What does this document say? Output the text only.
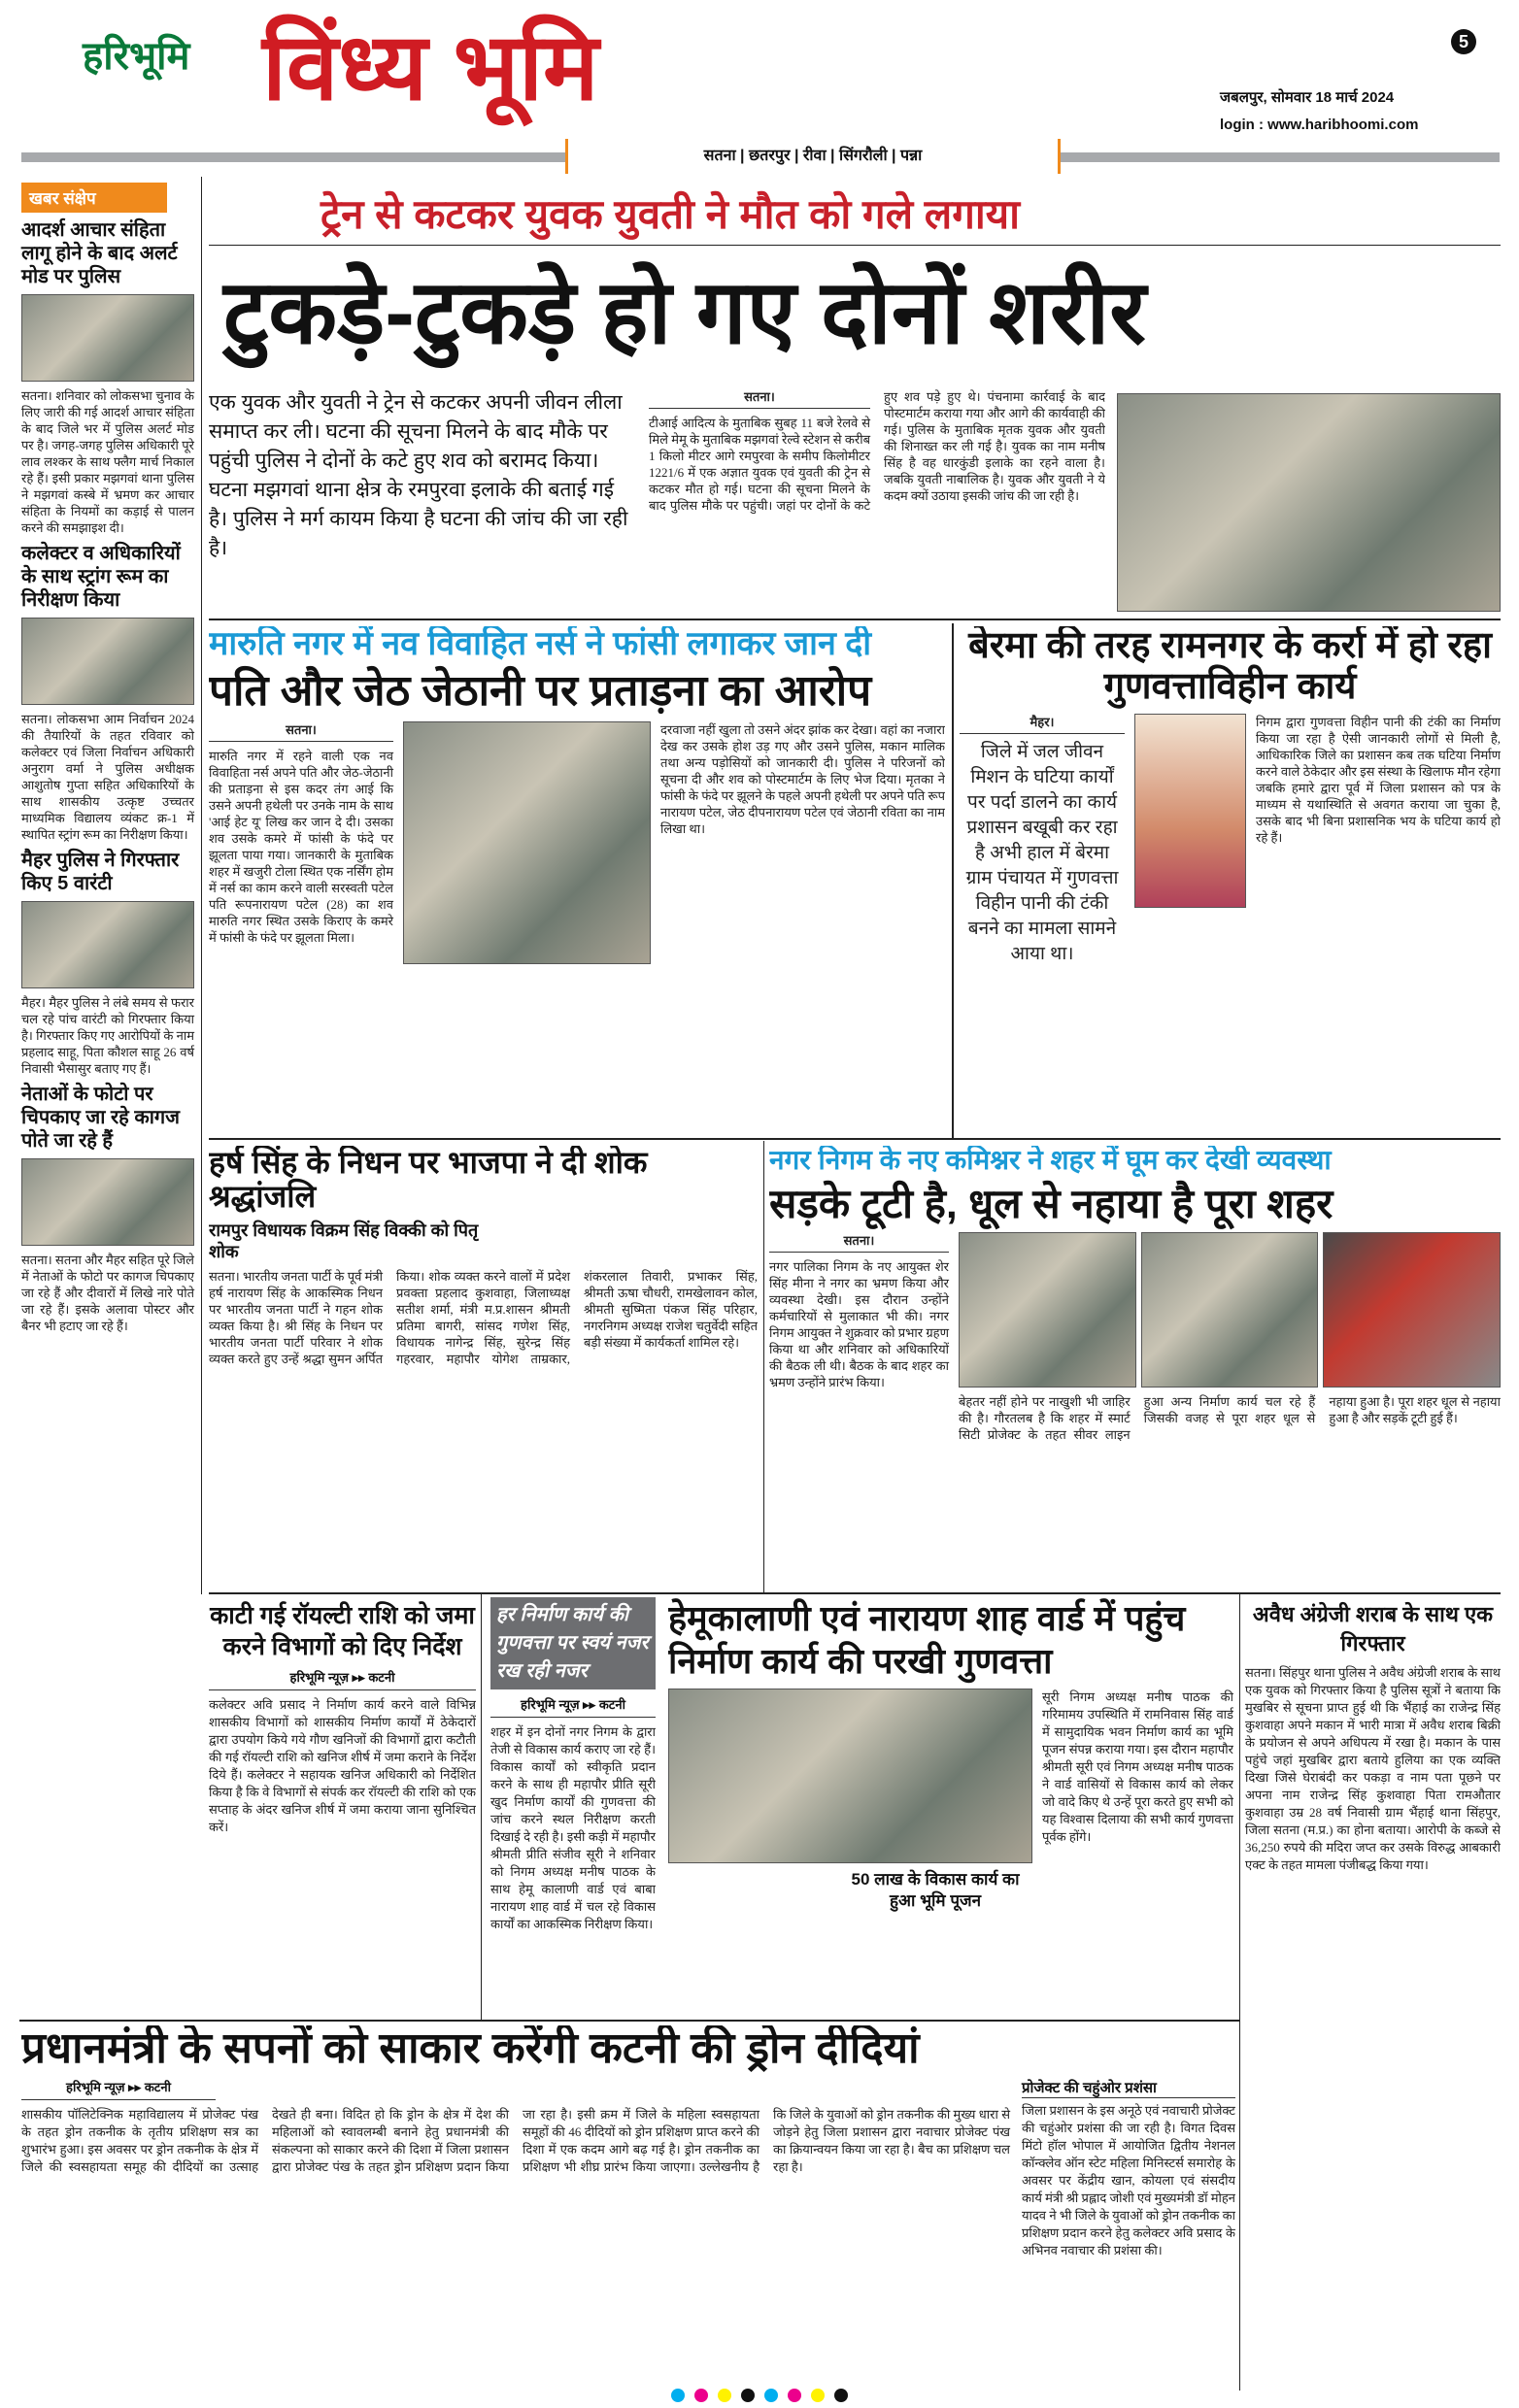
हरिभूमि विंध्य भूमि	5
जबलपुर, सोमवार 18 मार्च 2024
login : www.haribhoomi.com
सतना | छतरपुर | रीवा | सिंगरौली | पन्ना
खबर संक्षेप
आदर्श आचार संहिता लागू होने के बाद अलर्ट मोड पर पुलिस

सतना। शनिवार को लोकसभा चुनाव के लिए जारी की गई आदर्श आचार संहिता के बाद जिले भर में पुलिस अलर्ट मोड पर है। जगह-जगह पुलिस अधिकारी पूरे लाव लश्कर के साथ फ्लैग मार्च निकाल रहे हैं। इसी प्रकार मझगवां थाना पुलिस ने मझगवां कस्बे में भ्रमण कर आचार संहिता के नियमों का कड़ाई से पालन करने की समझाइश दी।

कलेक्टर व अधिकारियों के साथ स्ट्रांग रूम का निरीक्षण किया

सतना। लोकसभा आम निर्वाचन 2024 की तैयारियों के तहत रविवार को कलेक्टर एवं जिला निर्वाचन अधिकारी अनुराग वर्मा ने पुलिस अधीक्षक आशुतोष गुप्ता सहित अधिकारियों के साथ शासकीय उत्कृष्ट उच्चतर माध्यमिक विद्यालय व्यंकट क्र-1 में स्थापित स्ट्रांग रूम का निरीक्षण किया।

मैहर पुलिस ने गिरफ्तार किए 5 वारंटी

मैहर। मैहर पुलिस ने लंबे समय से फरार चल रहे पांच वारंटी को गिरफ्तार किया है। गिरफ्तार किए गए आरोपियों के नाम प्रहलाद साहू, पिता कौशल साहू 26 वर्ष निवासी भैसासुर बताए गए हैं।

नेताओं के फोटो पर चिपकाए जा रहे कागज पोते जा रहे हैं

सतना। सतना और मैहर सहित पूरे जिले में नेताओं के फोटो पर कागज चिपकाए जा रहे हैं और दीवारों में लिखे नारे पोते जा रहे हैं। इसके अलावा पोस्टर और बैनर भी हटाए जा रहे हैं।

ट्रेन से कटकर युवक युवती ने मौत को गले लगाया
टुकड़े-टुकड़े हो गए दोनों शरीर
एक युवक और युवती ने ट्रेन से कटकर अपनी जीवन लीला समाप्त कर ली। घटना की सूचना मिलने के बाद मौके पर पहुंची पुलिस ने दोनों के कटे हुए शव को बरामद किया। घटना मझगवां थाना क्षेत्र के रमपुरवा इलाके की बताई गई है। पुलिस ने मर्ग कायम किया है घटना की जांच की जा रही है।
सतना।

टीआई आदित्य के मुताबिक सुबह 11 बजे रेलवे से मिले मेमू के मुताबिक मझगवां रेल्वे स्टेशन से करीब 1 किलो मीटर आगे रमपुरवा के समीप किलोमीटर 1221/6 में एक अज्ञात युवक एवं युवती की ट्रेन से कटकर मौत हो गई। घटना की सूचना मिलने के बाद पुलिस मौके पर पहुंची। जहां पर दोनों के कटे हुए शव पड़े हुए थे। पंचनामा कार्रवाई के बाद पोस्टमार्टम कराया गया और आगे की कार्यवाही की गई। पुलिस के मुताबिक मृतक युवक और युवती की शिनाख्त कर ली गई है। युवक का नाम मनीष सिंह है वह धारकुंडी इलाके का रहने वाला है। जबकि युवती नाबालिक है। युवक और युवती ने ये कदम क्यों उठाया इसकी जांच की जा रही है।

मारुति नगर में नव विवाहित नर्स ने फांसी लगाकर जान दी
पति और जेठ जेठानी पर प्रताड़ना का आरोप
सतना।

मारुति नगर में रहने वाली एक नव विवाहिता नर्स अपने पति और जेठ-जेठानी की प्रताड़ना से इस कदर तंग आई कि उसने अपनी हथेली पर उनके नाम के साथ 'आई हेट यू' लिख कर जान दे दी। उसका शव उसके कमरे में फांसी के फंदे पर झूलता पाया गया। जानकारी के मुताबिक शहर में खजुरी टोला स्थित एक नर्सिंग होम में नर्स का काम करने वाली सरस्वती पटेल पति रूपनारायण पटेल (28) का शव मारुति नगर स्थित उसके किराए के कमरे में फांसी के फंदे पर झूलता मिला।

दरवाजा नहीं खुला तो उसने अंदर झांक कर देखा। वहां का नजारा देख कर उसके होश उड़ गए और उसने पुलिस, मकान मालिक तथा अन्य पड़ोसियों को जानकारी दी। पुलिस ने परिजनों को सूचना दी और शव को पोस्टमार्टम के लिए भेज दिया। मृतका ने फांसी के फंदे पर झूलने के पहले अपनी हथेली पर अपने पति रूप नारायण पटेल, जेठ दीपनारायण पटेल एवं जेठानी रविता का नाम लिखा था।
बेरमा की तरह रामनगर के कर्रा में हो रहा गुणवत्ताविहीन कार्य
मैहर।

जिले में जल जीवन मिशन के घटिया कार्यों पर पर्दा डालने का कार्य प्रशासन बखूबी कर रहा है अभी हाल में बेरमा ग्राम पंचायत में गुणवत्ता विहीन पानी की टंकी बनने का मामला सामने आया था।

निगम द्वारा गुणवत्ता विहीन पानी की टंकी का निर्माण किया जा रहा है ऐसी जानकारी लोगों से मिली है, आधिकारिक जिले का प्रशासन कब तक घटिया निर्माण करने वाले ठेकेदार और इस संस्था के खिलाफ मौन रहेगा जबकि हमारे द्वारा पूर्व में जिला प्रशासन को पत्र के माध्यम से यथास्थिति से अवगत कराया जा चुका है, उसके बाद भी बिना प्रशासनिक भय के घटिया कार्य हो रहे हैं।
हर्ष सिंह के निधन पर भाजपा ने दी शोक श्रद्धांजलि
रामपुर विधायक विक्रम सिंह विक्की को पितृ शोक
सतना। भारतीय जनता पार्टी के पूर्व मंत्री हर्ष नारायण सिंह के आकस्मिक निधन पर भारतीय जनता पार्टी ने गहन शोक व्यक्त किया है। श्री सिंह के निधन पर भारतीय जनता पार्टी परिवार ने शोक व्यक्त करते हुए उन्हें श्रद्धा सुमन अर्पित किया। शोक व्यक्त करने वालों में प्रदेश प्रवक्ता प्रहलाद कुशवाहा, जिलाध्यक्ष सतीश शर्मा, मंत्री म.प्र.शासन श्रीमती प्रतिमा बागरी, सांसद गणेश सिंह, विधायक नागेन्द्र सिंह, सुरेन्द्र सिंह गहरवार, महापौर योगेश ताम्रकार, शंकरलाल तिवारी, प्रभाकर सिंह, श्रीमती ऊषा चौधरी, रामखेलावन कोल, श्रीमती सुष्मिता पंकज सिंह परिहार, नगरनिगम अध्यक्ष राजेश चतुर्वेदी सहित बड़ी संख्या में कार्यकर्ता शामिल रहे।
नगर निगम के नए कमिश्नर ने शहर में घूम कर देखी व्यवस्था
सड़के टूटी है, धूल से नहाया है पूरा शहर
सतना।

नगर पालिका निगम के नए आयुक्त शेर सिंह मीना ने नगर का भ्रमण किया और व्यवस्था देखी। इस दौरान उन्होंने कर्मचारियों से मुलाकात भी की। नगर निगम आयुक्त ने शुक्रवार को प्रभार ग्रहण किया था और शनिवार को अधिकारियों की बैठक ली थी। बैठक के बाद शहर का भ्रमण उन्होंने प्रारंभ किया।

बेहतर नहीं होने पर नाखुशी भी जाहिर की है। गौरतलब है कि शहर में स्मार्ट सिटी प्रोजेक्ट के तहत सीवर लाइन हुआ अन्य निर्माण कार्य चल रहे हैं जिसकी वजह से पूरा शहर धूल से नहाया हुआ है। पूरा शहर धूल से नहाया हुआ है और सड़कें टूटी हुई हैं।
काटी गई रॉयल्टी राशि को जमा करने विभागों को दिए निर्देश
हरिभूमि न्यूज़ ▸▸ कटनी
कलेक्टर अवि प्रसाद ने निर्माण कार्य करने वाले विभिन्न शासकीय विभागों को शासकीय निर्माण कार्यों में ठेकेदारों द्वारा उपयोग किये गये गौण खनिजों की विभागों द्वारा कटौती की गई रॉयल्टी राशि को खनिज शीर्ष में जमा कराने के निर्देश दिये हैं। कलेक्टर ने सहायक खनिज अधिकारी को निर्देशित किया है कि वे विभागों से संपर्क कर रॉयल्टी की राशि को एक सप्ताह के अंदर खनिज शीर्ष में जमा कराया जाना सुनिश्चित करें।
हर निर्माण कार्य की गुणवत्ता पर स्वयं नजर रख रही नजर
हरिभूमि न्यूज़ ▸▸ कटनी
शहर में इन दोनों नगर निगम के द्वारा तेजी से विकास कार्य कराए जा रहे हैं। विकास कार्यों को स्वीकृति प्रदान करने के साथ ही महापौर प्रीति सूरी खुद निर्माण कार्यों की गुणवत्ता की जांच करने स्थल निरीक्षण करती दिखाई दे रही है। इसी कड़ी में महापौर श्रीमती प्रीति संजीव सूरी ने शनिवार को निगम अध्यक्ष मनीष पाठक के साथ हेमू कालाणी वार्ड एवं बाबा नारायण शाह वार्ड में चल रहे विकास कार्यों का आकस्मिक निरीक्षण किया।
हेमूकालाणी एवं नारायण शाह वार्ड में पहुंच निर्माण कार्य की परखी गुणवत्ता
50 लाख के विकास कार्य का हुआ भूमि पूजन
सूरी निगम अध्यक्ष मनीष पाठक की गरिमामय उपस्थिति में रामनिवास सिंह वार्ड में सामुदायिक भवन निर्माण कार्य का भूमि पूजन संपन्न कराया गया। इस दौरान महापौर श्रीमती सूरी एवं निगम अध्यक्ष मनीष पाठक ने वार्ड वासियों से विकास कार्य को लेकर जो वादे किए थे उन्हें पूरा करते हुए सभी को यह विश्वास दिलाया की सभी कार्य गुणवत्ता पूर्वक होंगे।
अवैध अंग्रेजी शराब के साथ एक गिरफ्तार
सतना। सिंहपुर थाना पुलिस ने अवैध अंग्रेजी शराब के साथ एक युवक को गिरफ्तार किया है पुलिस सूत्रों ने बताया कि मुखबिर से सूचना प्राप्त हुई थी कि भैंहाई का राजेन्द्र सिंह कुशवाहा अपने मकान में भारी मात्रा में अवैध शराब बिक्री के प्रयोजन से अपने अधिपत्य में रखा है। मकान के पास पहुंचे जहां मुखबिर द्वारा बताये हुलिया का एक व्यक्ति दिखा जिसे घेराबंदी कर पकड़ा व नाम पता पूछने पर अपना नाम राजेन्द्र सिंह कुशवाहा पिता रामऔतार कुशवाहा उम्र 28 वर्ष निवासी ग्राम भैंहाई थाना सिंहपुर, जिला सतना (म.प्र.) का होना बताया। आरोपी के कब्जे से 36,250 रुपये की मदिरा जप्त कर उसके विरुद्ध आबकारी एक्ट के तहत मामला पंजीबद्ध किया गया।
प्रधानमंत्री के सपनों को साकार करेंगी कटनी की ड्रोन दीदियां
हरिभूमि न्यूज़ ▸▸ कटनी
शासकीय पॉलिटेक्निक महाविद्यालय में प्रोजेक्ट पंख के तहत ड्रोन तकनीक के तृतीय प्रशिक्षण सत्र का शुभारंभ हुआ। इस अवसर पर ड्रोन तकनीक के क्षेत्र में जिले की स्वसहायता समूह की दीदियों का उत्साह देखते ही बना। विदित हो कि ड्रोन के क्षेत्र में देश की महिलाओं को स्वावलम्बी बनाने हेतु प्रधानमंत्री की संकल्पना को साकार करने की दिशा में जिला प्रशासन द्वारा प्रोजेक्ट पंख के तहत ड्रोन प्रशिक्षण प्रदान किया जा रहा है। इसी क्रम में जिले के महिला स्वसहायता समूहों की 46 दीदियों को ड्रोन प्रशिक्षण प्राप्त करने की दिशा में एक कदम आगे बढ़ गई है। ड्रोन तकनीक का प्रशिक्षण भी शीघ्र प्रारंभ किया जाएगा। उल्लेखनीय है कि जिले के युवाओं को ड्रोन तकनीक की मुख्य धारा से जोड़ने हेतु जिला प्रशासन द्वारा नवाचार प्रोजेक्ट पंख का क्रियान्वयन किया जा रहा है। बैच का प्रशिक्षण चल रहा है।
प्रोजेक्ट की चहुंओर प्रशंसा
जिला प्रशासन के इस अनूठे एवं नवाचारी प्रोजेक्ट की चहुंओर प्रशंसा की जा रही है। विगत दिवस मिंटो हॉल भोपाल में आयोजित द्वितीय नेशनल कॉन्क्लेव ऑन स्टेट महिला मिनिस्टर्स समारोह के अवसर पर केंद्रीय खान, कोयला एवं संसदीय कार्य मंत्री श्री प्रह्लाद जोशी एवं मुख्यमंत्री डॉ मोहन यादव ने भी जिले के युवाओं को ड्रोन तकनीक का प्रशिक्षण प्रदान करने हेतु कलेक्टर अवि प्रसाद के अभिनव नवाचार की प्रशंसा की।
